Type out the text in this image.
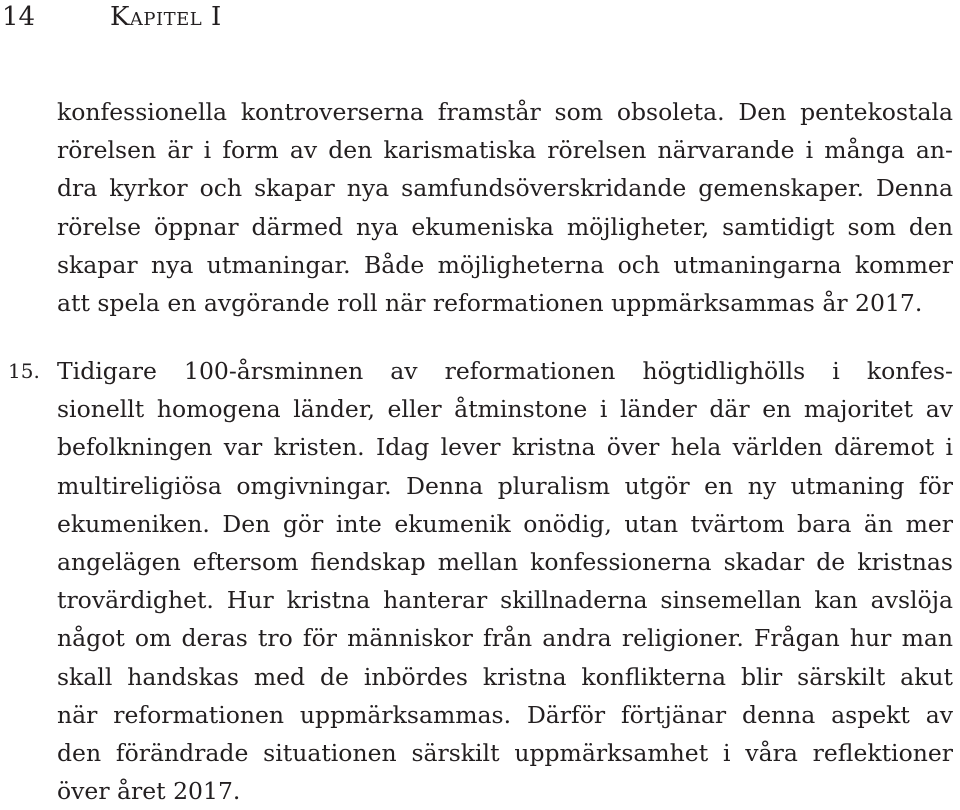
14	Kapitel I
konfessionella kontroverserna framstår som obsoleta. Den pentekostala
rörelsen är i form av den karismatiska rörelsen närvarande i många an-
dra kyrkor och skapar nya samfundsöverskridande gemenskaper. Denna
rörelse öppnar därmed nya ekumeniska möjligheter, samtidigt som den
skapar nya utmaningar. Både möjligheterna och utmaningarna kommer
att spela en avgörande roll när reformationen uppmärksammas år 2017.
15. Tidigare 100-årsminnen av reformationen högtidlighölls i konfes-
sionellt homogena länder, eller åtminstone i länder där en majoritet av
befolkningen var kristen. Idag lever kristna över hela världen däremot i
multireligiösa omgivningar. Denna pluralism utgör en ny utmaning för
ekumeniken. Den gör inte ekumenik onödig, utan tvärtom bara än mer
angelägen eftersom fiendskap mellan konfessionerna skadar de kristnas
trovärdighet. Hur kristna hanterar skillnaderna sinsemellan kan avslöja
något om deras tro för människor från andra religioner. Frågan hur man
skall handskas med de inbördes kristna konflikterna blir särskilt akut
när reformationen uppmärksammas. Därför förtjänar denna aspekt av
den förändrade situationen särskilt uppmärksamhet i våra reflektioner
över året 2017.
